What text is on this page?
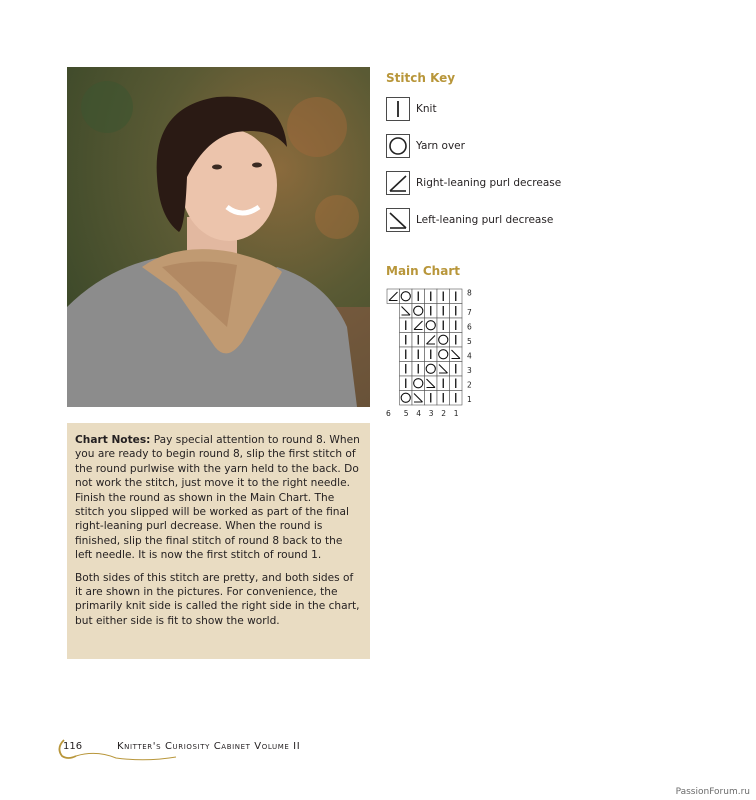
Stitch Key
Knit
Yarn over
Right-leaning purl decrease
Left-leaning purl decrease
Main Chart
8
7
6
5
4
3
2
1
6 5 4 3 2 1

Chart Notes: Pay special attention to round 8. When you are ready to begin round 8, slip the first stitch of the round purlwise with the yarn held to the back. Do not work the stitch, just move it to the right needle. Finish the round as shown in the Main Chart. The stitch you slipped will be worked as part of the final right-leaning purl decrease. When the round is finished, slip the final stitch of round 8 back to the left needle. It is now the first stitch of round 1.

Both sides of this stitch are pretty, and both sides of it are shown in the pictures. For convenience, the primarily knit side is called the right side in the chart, but either side is fit to show the world.

116	Knitter's Curiosity Cabinet Volume II
PassionForum.ru
